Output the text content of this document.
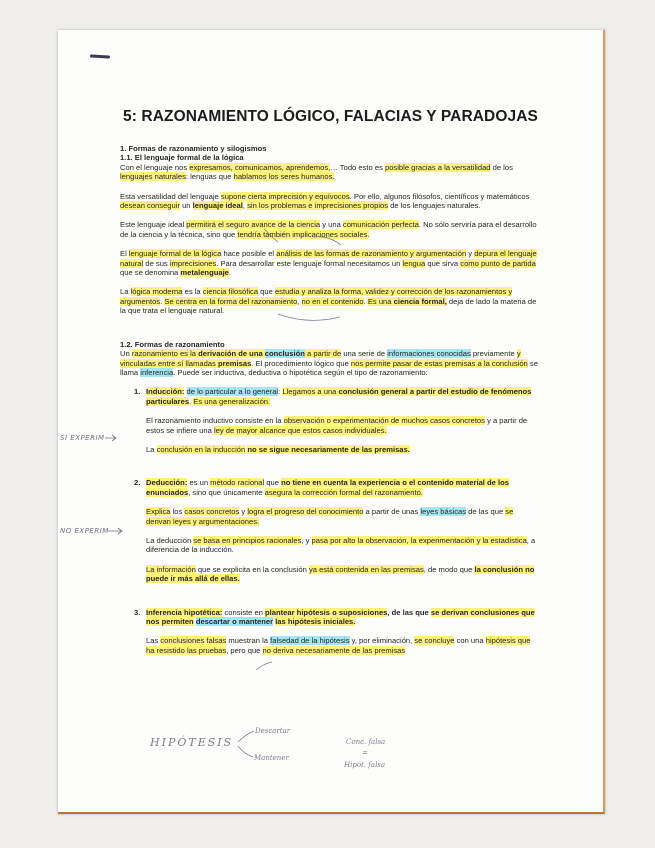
5: RAZONAMIENTO LÓGICO, FALACIAS Y PARADOJAS

1. Formas de razonamiento y silogismos

1.1. El lenguaje formal de la lógica

Con el lenguaje nos expresamos, comunicamos, aprendemos,… Todo esto es posible gracias a la versatilidad de los lenguajes naturales: lenguas que hablamos los seres humanos.

Esta versatilidad del lenguaje supone cierta imprecisión y equívocos. Por ello, algunos filósofos, científicos y matemáticos desean conseguir un lenguaje ideal, sin los problemas e imprecisiones propios de los lenguajes naturales.

Este lenguaje ideal permitirá el seguro avance de la ciencia y una comunicación perfecta. No sólo serviría para el desarrollo de la ciencia y la técnica, sino que tendría también implicaciones sociales.

El lenguaje formal de la lógica hace posible el análisis de las formas de razonamiento y argumentación y depura el lenguaje natural de sus imprecisiones. Para desarrollar este lenguaje formal necesitamos un lengua que sirva como punto de partida que se denomina metalenguaje.

La lógica moderna es la ciencia filosófica que estudia y analiza la forma, validez y corrección de los razonamientos y argumentos. Se centra en la forma del razonamiento, no en el contenido. Es una ciencia formal, deja de lado la materia de la que trata el lenguaje natural.

1.2. Formas de razonamiento

Un razonamiento es la derivación de una conclusión a partir de una serie de informaciones conocidas previamente y vinculadas entre sí llamadas premisas. El procedimiento lógico que nos permite pasar de estas premisas a la conclusión se llama inferencia. Puede ser inductiva, deductiva o hipotética según el tipo de razonamiento:

1. Inducción: de lo particular a lo general: Llegamos a una conclusión general a partir del estudio de fenómenos particulares. Es una generalización.

El razonamiento inductivo consiste en la observación o experimentación de muchos casos concretos y a partir de estos se infiere una ley de mayor alcance que estos casos individuales.

La conclusión en la inducción no se sigue necesariamente de las premisas.

2. Deducción: es un método racional que no tiene en cuenta la experiencia o el contenido material de los enunciados, sino que únicamente asegura la corrección formal del razonamiento.

Explica los casos concretos y logra el progreso del conocimiento a partir de unas leyes básicas de las que se derivan leyes y argumentaciones.

La deducción se basa en principios racionales, y pasa por alto la observación, la experimentación y la estadística, a diferencia de la inducción.

La información que se explicita en la conclusión ya está contenida en las premisas, de modo que la conclusión no puede ir más allá de ellas.

3. Inferencia hipotética: consiste en plantear hipótesis o suposiciones, de las que se derivan conclusiones que nos permiten descartar o mantener las hipótesis iniciales.

Las conclusiones falsas muestran la falsedad de la hipótesis y, por eliminación, se concluye con una hipótesis que ha resistido las pruebas, pero que no deriva necesariamente de las premisas

SI EXPERIM
NO EXPERIM
HIPÓTESIS
Descartar
Mantener
Conc. falsa
=
Hipót. falsa
